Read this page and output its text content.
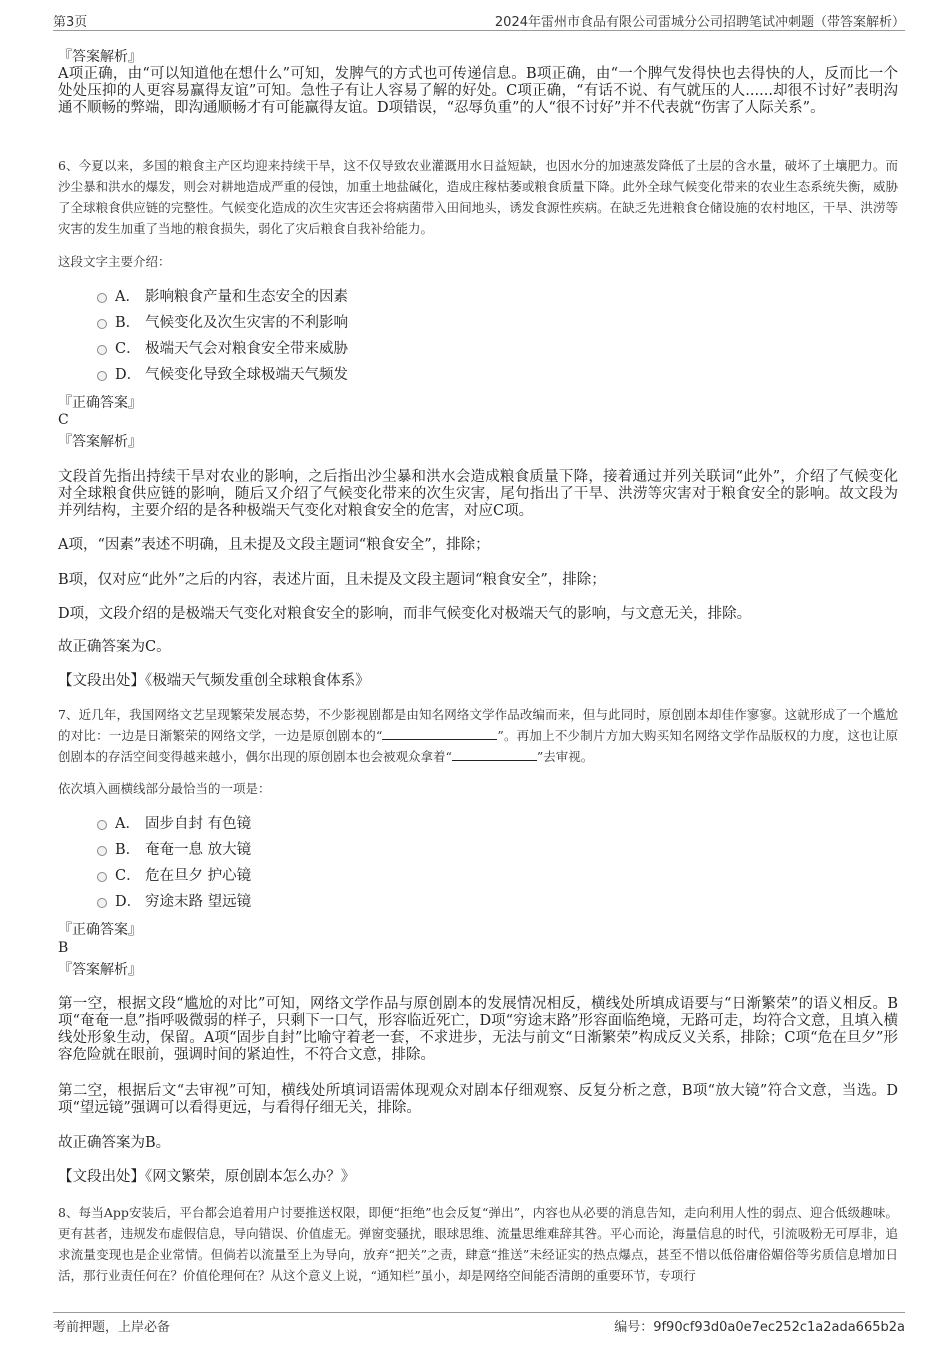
第3页	2024年雷州市食品有限公司雷城分公司招聘笔试冲刺题（带答案解析）
『答案解析』
A项正确，由“可以知道他在想什么”可知，发脾气的方式也可传递信息。B项正确，由“一个脾气发得快也去得快的人，反而比一个处处压抑的人更容易赢得友谊”可知。急性子有让人容易了解的好处。C项正确，“有话不说、有气就压的人......却很不讨好”表明沟通不顺畅的弊端，即沟通顺畅才有可能赢得友谊。D项错误，“忍辱负重”的人“很不讨好”并不代表就“伤害了人际关系”。
6、今夏以来，多国的粮食主产区均迎来持续干旱，这不仅导致农业灌溉用水日益短缺，也因水分的加速蒸发降低了土层的含水量，破坏了土壤肥力。而沙尘暴和洪水的爆发，则会对耕地造成严重的侵蚀，加重土地盐碱化，造成庄稼枯萎或粮食质量下降。此外全球气候变化带来的农业生态系统失衡，威胁了全球粮食供应链的完整性。气候变化造成的次生灾害还会将病菌带入田间地头，诱发食源性疾病。在缺乏先进粮食仓储设施的农村地区，干旱、洪涝等灾害的发生加重了当地的粮食损失，弱化了灾后粮食自我补给能力。
这段文字主要介绍：
A． 影响粮食产量和生态安全的因素
B． 气候变化及次生灾害的不利影响
C． 极端天气会对粮食安全带来威胁
D． 气候变化导致全球极端天气频发
『正确答案』
C
『答案解析』
文段首先指出持续干旱对农业的影响，之后指出沙尘暴和洪水会造成粮食质量下降，接着通过并列关联词“此外”，介绍了气候变化对全球粮食供应链的影响，随后又介绍了气候变化带来的次生灾害，尾句指出了干旱、洪涝等灾害对于粮食安全的影响。故文段为并列结构，主要介绍的是各种极端天气变化对粮食安全的危害，对应C项。
A项，“因素”表述不明确，且未提及文段主题词“粮食安全”，排除；
B项，仅对应“此外”之后的内容，表述片面，且未提及文段主题词“粮食安全”，排除；
D项，文段介绍的是极端天气变化对粮食安全的影响，而非气候变化对极端天气的影响，与文意无关，排除。
故正确答案为C。
【文段出处】《极端天气频发重创全球粮食体系》
7、近几年，我国网络文艺呈现繁荣发展态势，不少影视剧都是由知名网络文学作品改编而来，但与此同时，原创剧本却佳作寥寥。这就形成了一个尴尬的对比：一边是日渐繁荣的网络文学，一边是原创剧本的“	”。再加上不少制片方加大购买知名网络文学作品版权的力度，这也让原创剧本的存活空间变得越来越小，偶尔出现的原创剧本也会被观众拿着“	”去审视。
依次填入画横线部分最恰当的一项是：
A． 固步自封 有色镜
B． 奄奄一息 放大镜
C． 危在旦夕 护心镜
D． 穷途末路 望远镜
『正确答案』
B
『答案解析』
第一空，根据文段“尴尬的对比”可知，网络文学作品与原创剧本的发展情况相反，横线处所填成语要与“日渐繁荣”的语义相反。B项“奄奄一息”指呼吸微弱的样子，只剩下一口气，形容临近死亡，D项“穷途末路”形容面临绝境，无路可走，均符合文意，且填入横线处形象生动，保留。A项“固步自封”比喻守着老一套，不求进步，无法与前文“日渐繁荣”构成反义关系，排除；C项“危在旦夕”形容危险就在眼前，强调时间的紧迫性，不符合文意，排除。
第二空，根据后文“去审视”可知，横线处所填词语需体现观众对剧本仔细观察、反复分析之意，B项“放大镜”符合文意，当选。D项“望远镜”强调可以看得更远，与看得仔细无关，排除。
故正确答案为B。
【文段出处】《网文繁荣，原创剧本怎么办？》
8、每当App安装后，平台都会追着用户讨要推送权限，即便“拒绝”也会反复“弹出”，内容也从必要的消息告知，走向利用人性的弱点、迎合低级趣味。更有甚者，违规发布虚假信息，导向错误、价值虚无。弹窗变骚扰，眼球思维、流量思维难辞其咎。平心而论，海量信息的时代，引流吸粉无可厚非，追求流量变现也是企业常情。但倘若以流量至上为导向，放弃“把关”之责，肆意“推送”未经证实的热点爆点，甚至不惜以低俗庸俗媚俗等劣质信息增加日活，那行业责任何在？价值伦理何在？从这个意义上说，“通知栏”虽小，却是网络空间能否清朗的重要环节，专项行
考前押题，上岸必备	编号：9f90cf93d0a0e7ec252c1a2ada665b2a
